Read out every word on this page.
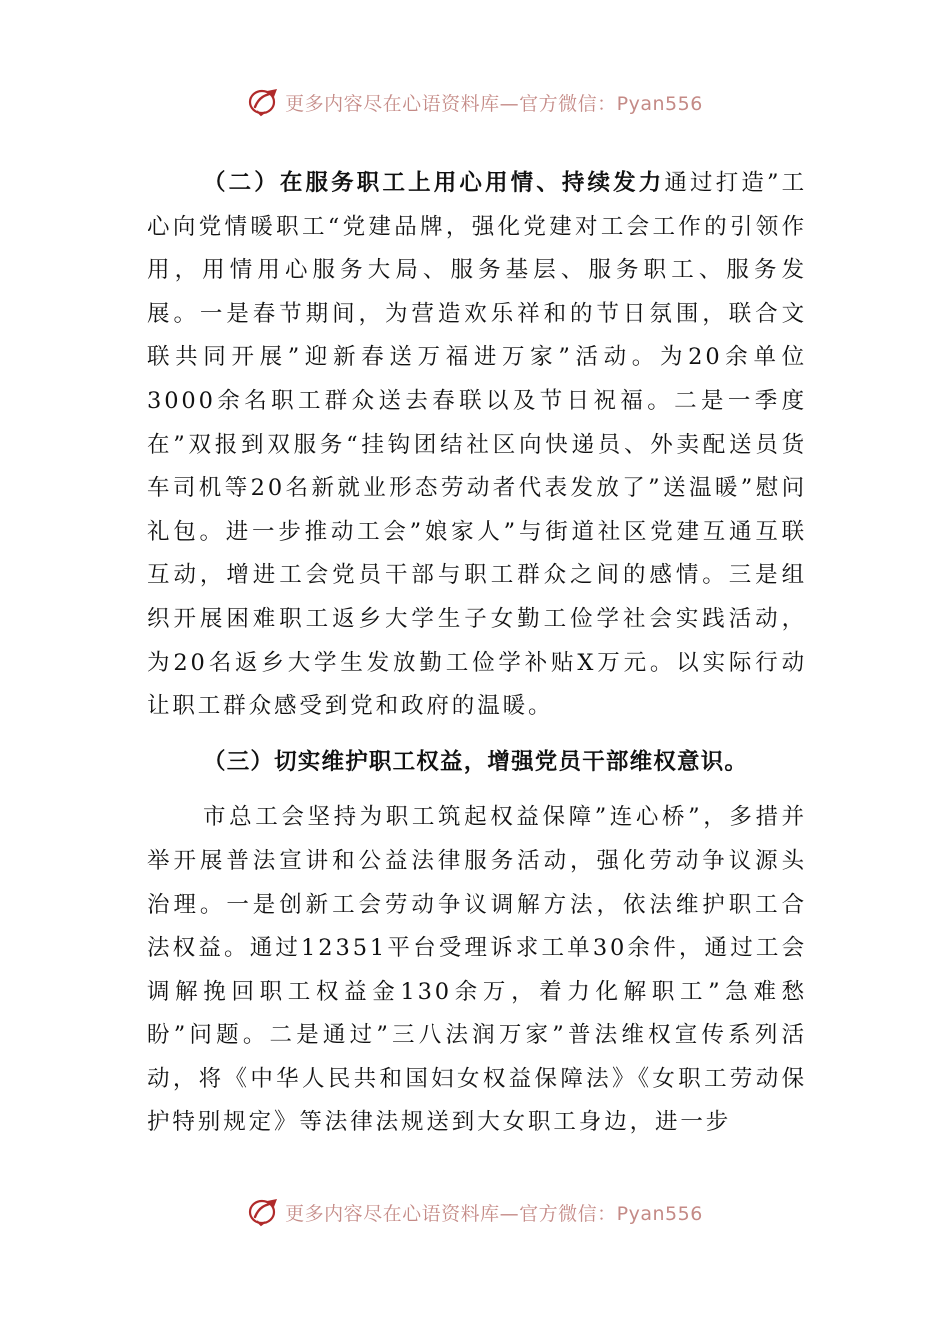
更多内容尽在心语资料库—官方微信：Pyan556

（二）在服务职工上用心用情、持续发力通过打造”工心向党情暖职工“党建品牌，强化党建对工会工作的引领作用，用情用心服务大局、服务基层、服务职工、服务发展。一是春节期间，为营造欢乐祥和的节日氛围，联合文联共同开展”迎新春送万福进万家”活动。为20余单位3000余名职工群众送去春联以及节日祝福。二是一季度在”双报到双服务“挂钩团结社区向快递员、外卖配送员货车司机等20名新就业形态劳动者代表发放了”送温暖”慰问礼包。进一步推动工会”娘家人”与街道社区党建互通互联互动，增进工会党员干部与职工群众之间的感情。三是组织开展困难职工返乡大学生子女勤工俭学社会实践活动，为20名返乡大学生发放勤工俭学补贴X万元。以实际行动让职工群众感受到党和政府的温暖。

（三）切实维护职工权益，增强党员干部维权意识。

市总工会坚持为职工筑起权益保障”连心桥”，多措并举开展普法宣讲和公益法律服务活动，强化劳动争议源头治理。一是创新工会劳动争议调解方法，依法维护职工合法权益。通过12351平台受理诉求工单30余件，通过工会调解挽回职工权益金130余万，着力化解职工”急难愁盼”问题。二是通过”三八法润万家”普法维权宣传系列活动，将《中华人民共和国妇女权益保障法》《女职工劳动保护特别规定》等法律法规送到大女职工身边，进一步

更多内容尽在心语资料库—官方微信：Pyan556
